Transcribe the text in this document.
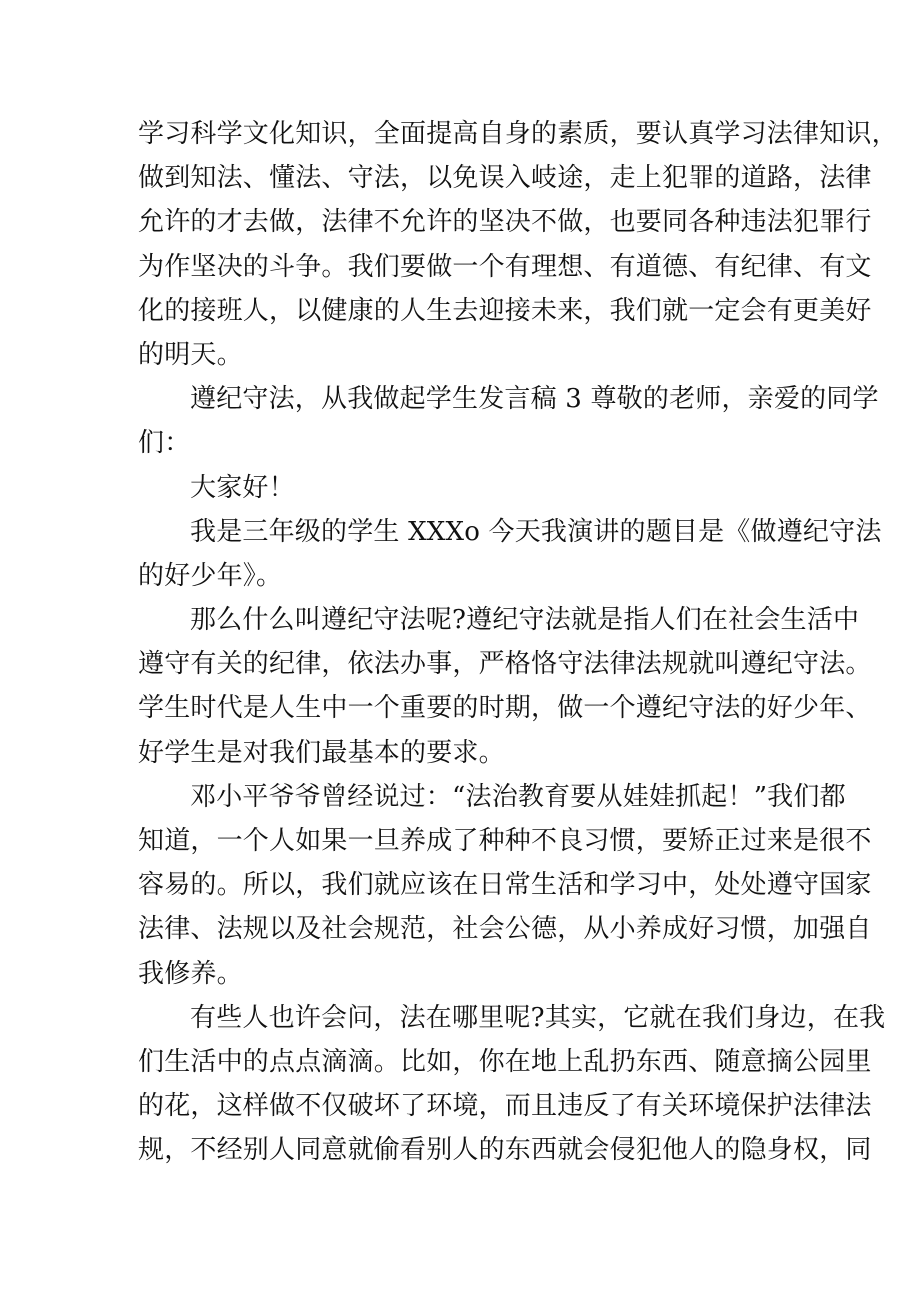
学习科学文化知识，全面提高自身的素质，要认真学习法律知识，
做到知法、懂法、守法，以免误入岐途，走上犯罪的道路，法律
允许的才去做，法律不允许的坚决不做，也要同各种违法犯罪行
为作坚决的斗争。我们要做一个有理想、有道德、有纪律、有文
化的接班人，以健康的人生去迎接未来，我们就一定会有更美好
的明天。
遵纪守法，从我做起学生发言稿 3 尊敬的老师，亲爱的同学
们：
大家好！
我是三年级的学生 XXXo 今天我演讲的题目是《做遵纪守法
的好少年》。
那么什么叫遵纪守法呢?遵纪守法就是指人们在社会生活中
遵守有关的纪律，依法办事，严格恪守法律法规就叫遵纪守法。
学生时代是人生中一个重要的时期，做一个遵纪守法的好少年、
好学生是对我们最基本的要求。
邓小平爷爷曾经说过：“法治教育要从娃娃抓起！”我们都
知道，一个人如果一旦养成了种种不良习惯，要矫正过来是很不
容易的。所以，我们就应该在日常生活和学习中，处处遵守国家
法律、法规以及社会规范，社会公德，从小养成好习惯，加强自
我修养。
有些人也许会问，法在哪里呢?其实，它就在我们身边，在我
们生活中的点点滴滴。比如，你在地上乱扔东西、随意摘公园里
的花，这样做不仅破坏了环境，而且违反了有关环境保护法律法
规，不经别人同意就偷看别人的东西就会侵犯他人的隐身权，同
